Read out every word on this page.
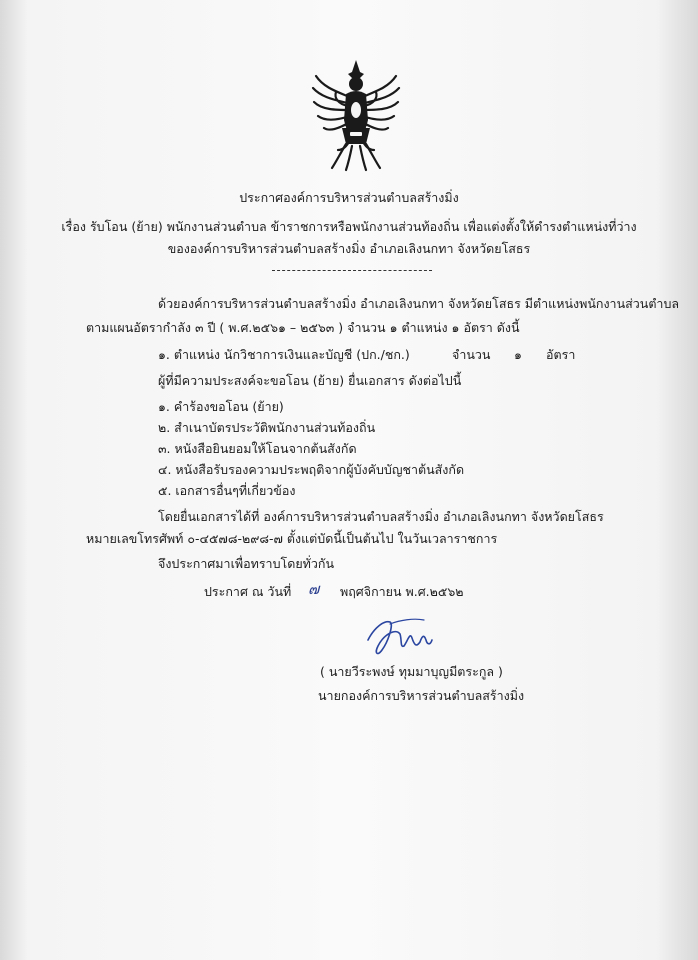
ประกาศองค์การบริหารส่วนตำบลสร้างมิ่ง
เรื่อง รับโอน (ย้าย) พนักงานส่วนตำบล ข้าราชการหรือพนักงานส่วนท้องถิ่น เพื่อแต่งตั้งให้ดำรงตำแหน่งที่ว่าง
ขององค์การบริหารส่วนตำบลสร้างมิ่ง อำเภอเลิงนกทา จังหวัดยโสธร
ด้วยองค์การบริหารส่วนตำบลสร้างมิ่ง อำเภอเลิงนกทา จังหวัดยโสธร มีตำแหน่งพนักงานส่วนตำบล
ตามแผนอัตรากำลัง ๓ ปี ( พ.ศ.๒๕๖๑ – ๒๕๖๓ ) จำนวน ๑ ตำแหน่ง ๑ อัตรา ดังนี้
๑. ตำแหน่ง นักวิชาการเงินและบัญชี (ปก./ชก.)	จำนวน ๑ อัตรา
ผู้ที่มีความประสงค์จะขอโอน (ย้าย) ยื่นเอกสาร ดังต่อไปนี้
๑. คำร้องขอโอน (ย้าย)
๒. สำเนาบัตรประวัติพนักงานส่วนท้องถิ่น
๓. หนังสือยินยอมให้โอนจากต้นสังกัด
๔. หนังสือรับรองความประพฤติจากผู้บังคับบัญชาต้นสังกัด
๕. เอกสารอื่นๆที่เกี่ยวข้อง
โดยยื่นเอกสารได้ที่ องค์การบริหารส่วนตำบลสร้างมิ่ง อำเภอเลิงนกทา จังหวัดยโสธร
หมายเลขโทรศัพท์ ๐-๔๕๗๘-๒๙๘-๗ ตั้งแต่บัดนี้เป็นต้นไป ในวันเวลาราชการ
จึงประกาศมาเพื่อทราบโดยทั่วกัน
ประกาศ ณ วันที่ ๗ พฤศจิกายน พ.ศ.๒๕๖๒
( นายวีระพงษ์ ทุมมาบุญมีตระกูล )
นายกองค์การบริหารส่วนตำบลสร้างมิ่ง
